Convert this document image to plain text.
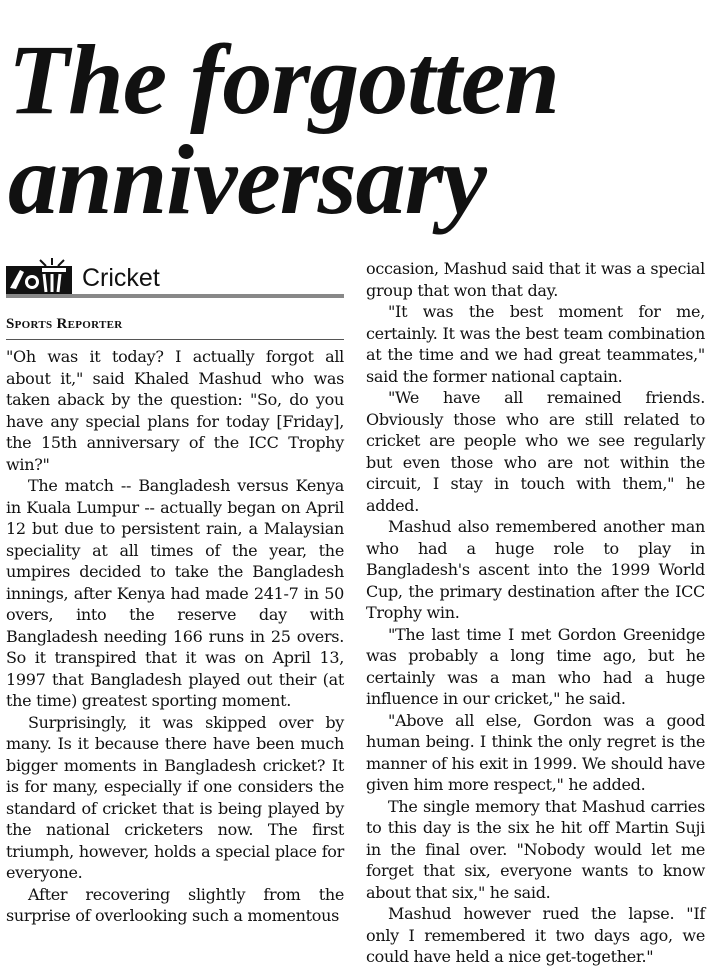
The forgotten
anniversary
Cricket
Sports Reporter

"Oh was it today? I actually forgot all about it," said Khaled Mashud who was taken aback by the question: "So, do you have any special plans for today [Friday], the 15th anniversary of the ICC Trophy win?"

The match -- Bangladesh versus Kenya in Kuala Lumpur -- actually began on April 12 but due to persistent rain, a Malaysian speciality at all times of the year, the umpires decided to take the Bangladesh innings, after Kenya had made 241-7 in 50 overs, into the reserve day with Bangladesh needing 166 runs in 25 overs. So it transpired that it was on April 13, 1997 that Bangladesh played out their (at the time) greatest sporting moment.

Surprisingly, it was skipped over by many. Is it because there have been much bigger moments in Bangladesh cricket? It is for many, especially if one considers the standard of cricket that is being played by the national cricketers now. The first triumph, however, holds a special place for everyone.

After recovering slightly from the surprise of overlooking such a momentous

occasion, Mashud said that it was a special group that won that day.

"It was the best moment for me, certainly. It was the best team combination at the time and we had great teammates," said the former national captain.

"We have all remained friends. Obviously those who are still related to cricket are people who we see regularly but even those who are not within the circuit, I stay in touch with them," he added.

Mashud also remembered another man who had a huge role to play in Bangladesh's ascent into the 1999 World Cup, the primary destination after the ICC Trophy win.

"The last time I met Gordon Greenidge was probably a long time ago, but he certainly was a man who had a huge influence in our cricket," he said.

"Above all else, Gordon was a good human being. I think the only regret is the manner of his exit in 1999. We should have given him more respect," he added.

The single memory that Mashud carries to this day is the six he hit off Martin Suji in the final over. "Nobody would let me forget that six, everyone wants to know about that six," he said.

Mashud however rued the lapse. "If only I remembered it two days ago, we could have held a nice get-together."
